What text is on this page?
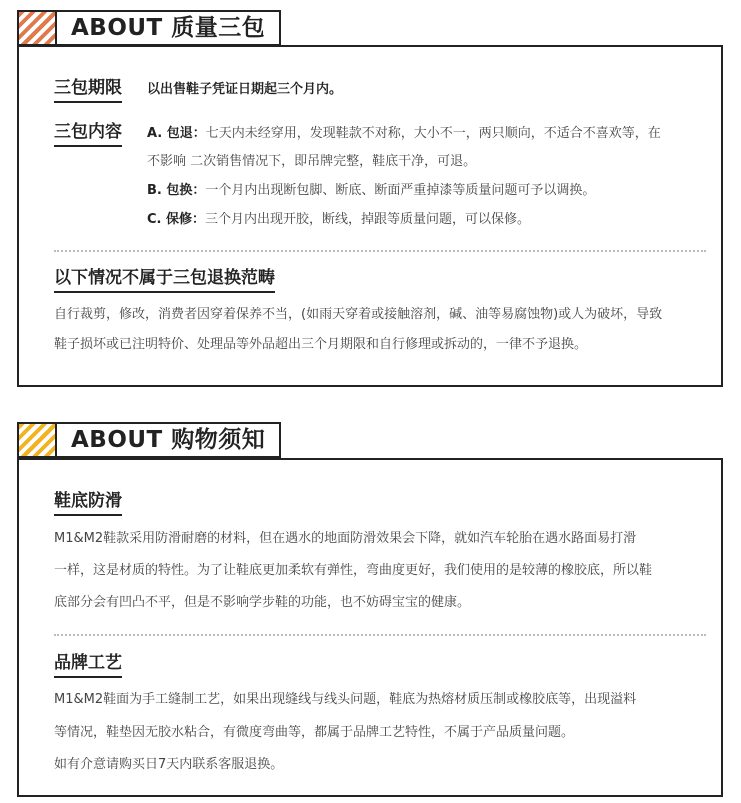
ABOUT 质量三包
三包期限 以出售鞋子凭证日期起三个月内。
三包内容 A. 包退：七天内未经穿用，发现鞋款不对称，大小不一，两只顺向，不适合不喜欢等，在
不影响 二次销售情况下，即吊牌完整，鞋底干净，可退。
B. 包换：一个月内出现断包脚、断底、断面严重掉漆等质量问题可予以调换。
C. 保修：三个月内出现开胶，断线，掉跟等质量问题，可以保修。
以下情况不属于三包退换范畴
自行裁剪，修改，消费者因穿着保养不当，(如雨天穿着或接触溶剂，碱、油等易腐蚀物)或人为破坏，导致
鞋子损坏或已注明特价、处理品等外品超出三个月期限和自行修理或拆动的，一律不予退换。
ABOUT 购物须知
鞋底防滑
M1&M2鞋款采用防滑耐磨的材料，但在遇水的地面防滑效果会下降，就如汽车轮胎在遇水路面易打滑
一样，这是材质的特性。为了让鞋底更加柔软有弹性，弯曲度更好，我们使用的是较薄的橡胶底，所以鞋
底部分会有凹凸不平，但是不影响学步鞋的功能，也不妨碍宝宝的健康。
品牌工艺
M1&M2鞋面为手工缝制工艺，如果出现缝线与线头问题，鞋底为热熔材质压制或橡胶底等，出现溢料
等情况，鞋垫因无胶水粘合，有微度弯曲等，都属于品牌工艺特性，不属于产品质量问题。
如有介意请购买日7天内联系客服退换。
